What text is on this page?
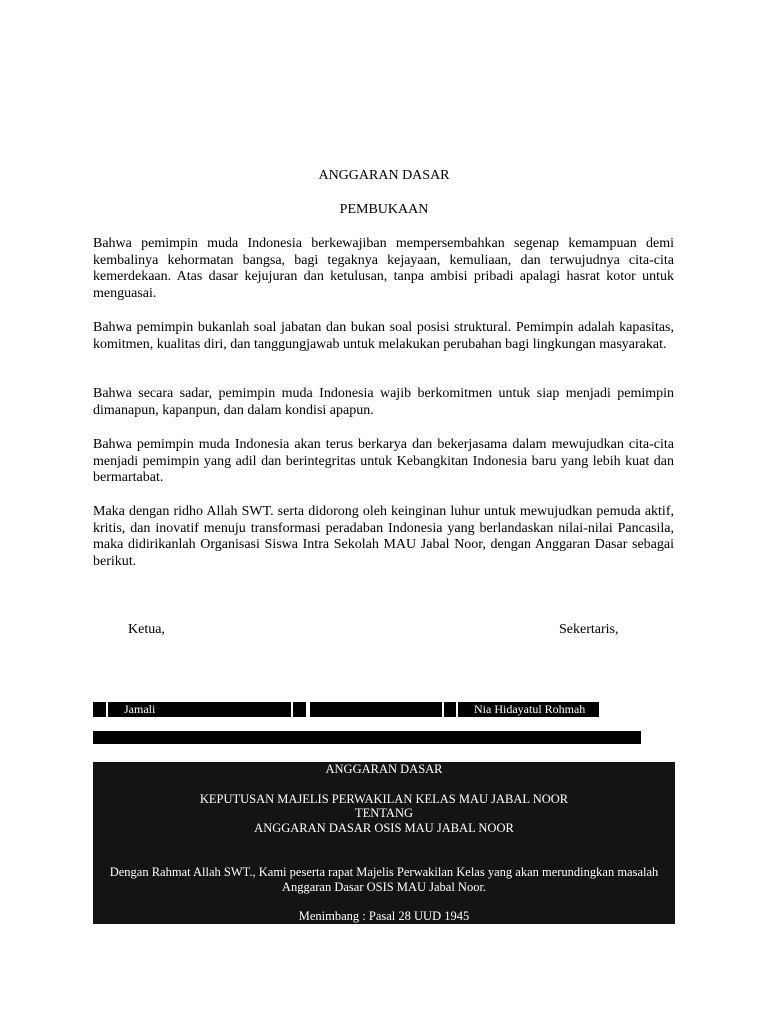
ANGGARAN DASAR
PEMBUKAAN

Bahwa pemimpin muda Indonesia berkewajiban mempersembahkan segenap kemampuan demi kembalinya kehormatan bangsa, bagi tegaknya kejayaan, kemuliaan, dan terwujudnya cita-cita kemerdekaan. Atas dasar kejujuran dan ketulusan, tanpa ambisi pribadi apalagi hasrat kotor untuk menguasai.

Bahwa pemimpin bukanlah soal jabatan dan bukan soal posisi struktural. Pemimpin adalah kapasitas, komitmen, kualitas diri, dan tanggungjawab untuk melakukan perubahan bagi lingkungan masyarakat.

Bahwa secara sadar, pemimpin muda Indonesia wajib berkomitmen untuk siap menjadi pemimpin dimanapun, kapanpun, dan dalam kondisi apapun.

Bahwa pemimpin muda Indonesia akan terus berkarya dan bekerjasama dalam mewujudkan cita-cita menjadi pemimpin yang adil dan berintegritas untuk Kebangkitan Indonesia baru yang lebih kuat dan bermartabat.

Maka dengan ridho Allah SWT. serta didorong oleh keinginan luhur untuk mewujudkan pemuda aktif, kritis, dan inovatif menuju transformasi peradaban Indonesia yang berlandaskan nilai-nilai Pancasila, maka didirikanlah Organisasi Siswa Intra Sekolah MAU Jabal Noor, dengan Anggaran Dasar sebagai berikut.

Ketua,	Sekertaris,
Jamali	Nia Hidayatul Rohmah

ANGGARAN DASAR

KEPUTUSAN MAJELIS PERWAKILAN KELAS MAU JABAL NOOR

TENTANG

ANGGARAN DASAR OSIS MAU JABAL NOOR

Dengan Rahmat Allah SWT., Kami peserta rapat Majelis Perwakilan Kelas yang akan merundingkan masalah Anggaran Dasar OSIS MAU Jabal Noor.

Menimbang : Pasal 28 UUD 1945
